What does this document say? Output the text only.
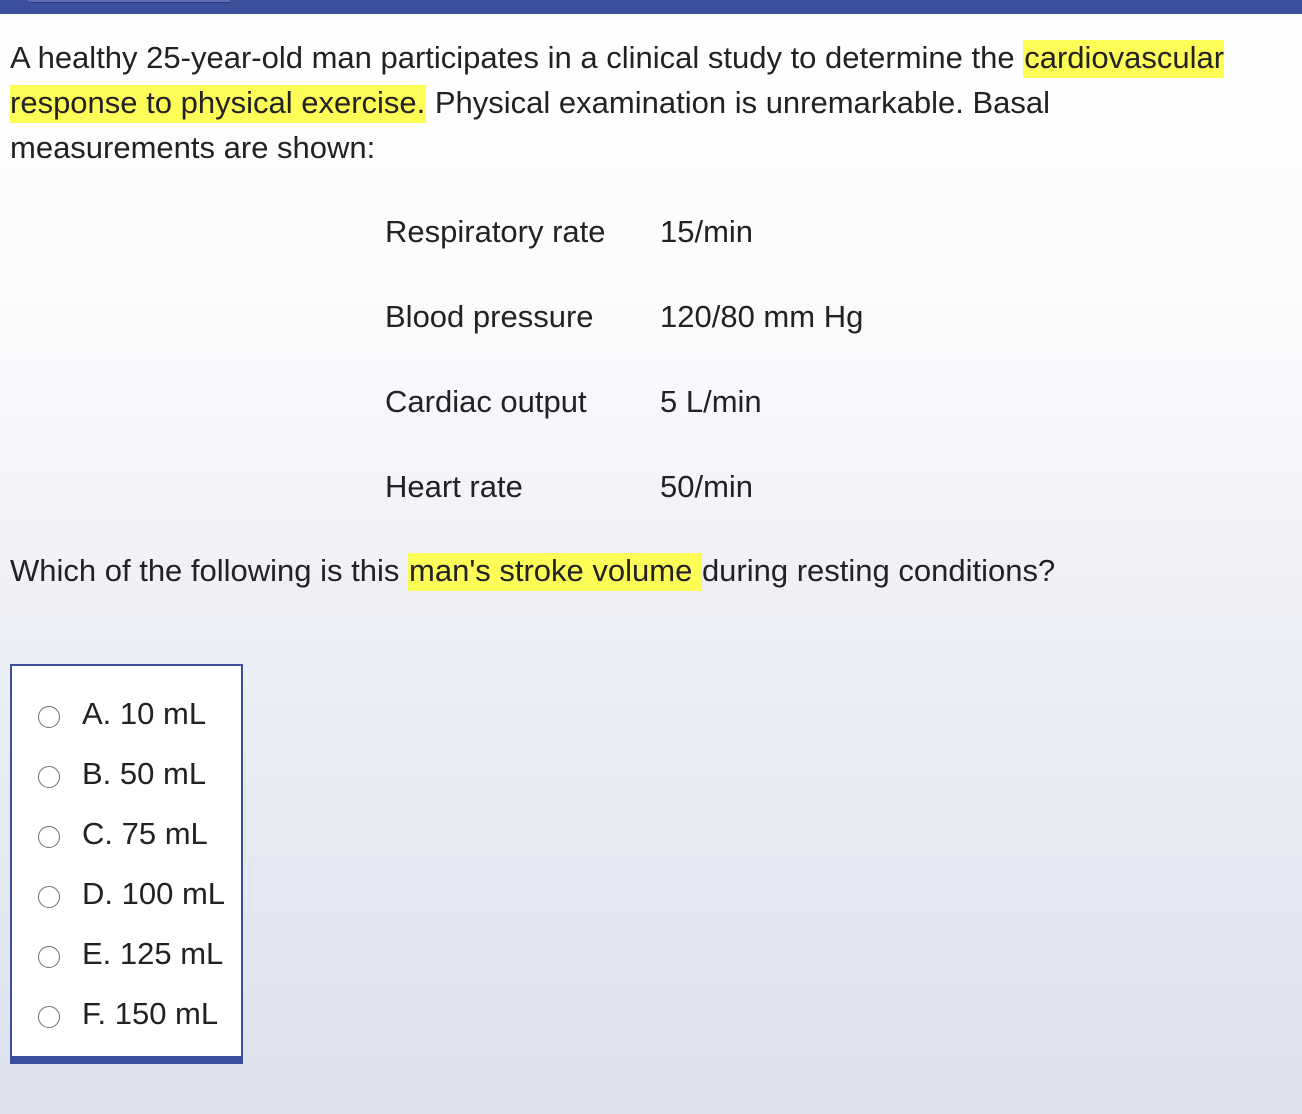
A healthy 25-year-old man participates in a clinical study to determine the cardiovascular response to physical exercise. Physical examination is unremarkable. Basal measurements are shown:
Respiratory rate 15/min
Blood pressure 120/80 mm Hg
Cardiac output 5 L/min
Heart rate	50/min
Which of the following is this man's stroke volume during resting conditions?
A. 10 mL
B. 50 mL
C. 75 mL
D. 100 mL
E. 125 mL
F. 150 mL
